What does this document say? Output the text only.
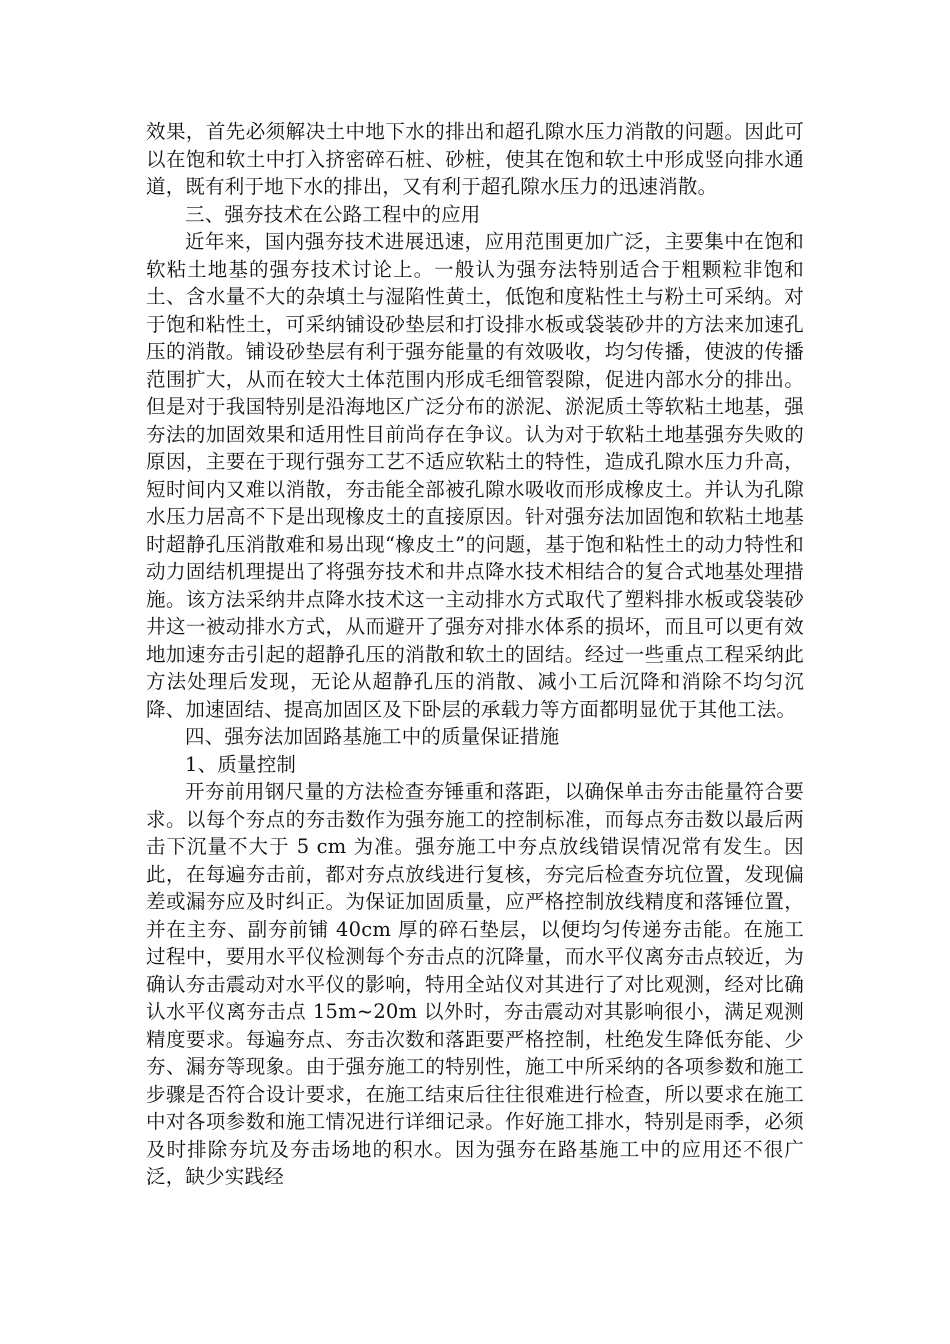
效果，首先必须解决土中地下水的排出和超孔隙水压力消散的问题。因此可以在饱和软土中打入挤密碎石桩、砂桩，使其在饱和软土中形成竖向排水通道，既有利于地下水的排出，又有利于超孔隙水压力的迅速消散。

三、强夯技术在公路工程中的应用

近年来，国内强夯技术进展迅速，应用范围更加广泛，主要集中在饱和软粘土地基的强夯技术讨论上。一般认为强夯法特别适合于粗颗粒非饱和土、含水量不大的杂填土与湿陷性黄土，低饱和度粘性土与粉土可采纳。对于饱和粘性土，可采纳铺设砂垫层和打设排水板或袋装砂井的方法来加速孔压的消散。铺设砂垫层有利于强夯能量的有效吸收，均匀传播，使波的传播范围扩大，从而在较大土体范围内形成毛细管裂隙，促进内部水分的排出。但是对于我国特别是沿海地区广泛分布的淤泥、淤泥质土等软粘土地基，强夯法的加固效果和适用性目前尚存在争议。认为对于软粘土地基强夯失败的原因，主要在于现行强夯工艺不适应软粘土的特性，造成孔隙水压力升高，短时间内又难以消散，夯击能全部被孔隙水吸收而形成橡皮土。并认为孔隙水压力居高不下是出现橡皮土的直接原因。针对强夯法加固饱和软粘土地基时超静孔压消散难和易出现“橡皮土”的问题，基于饱和粘性土的动力特性和动力固结机理提出了将强夯技术和井点降水技术相结合的复合式地基处理措施。该方法采纳井点降水技术这一主动排水方式取代了塑料排水板或袋装砂井这一被动排水方式，从而避开了强夯对排水体系的损坏，而且可以更有效地加速夯击引起的超静孔压的消散和软土的固结。经过一些重点工程采纳此方法处理后发现，无论从超静孔压的消散、减小工后沉降和消除不均匀沉降、加速固结、提高加固区及下卧层的承载力等方面都明显优于其他工法。

四、强夯法加固路基施工中的质量保证措施

1、质量控制

开夯前用钢尺量的方法检查夯锤重和落距，以确保单击夯击能量符合要求。以每个夯点的夯击数作为强夯施工的控制标准，而每点夯击数以最后两击下沉量不大于 5 cm 为准。强夯施工中夯点放线错误情况常有发生。因此，在每遍夯击前，都对夯点放线进行复核，夯完后检查夯坑位置，发现偏差或漏夯应及时纠正。为保证加固质量，应严格控制放线精度和落锤位置，并在主夯、副夯前铺 40cm 厚的碎石垫层，以便均匀传递夯击能。在施工过程中，要用水平仪检测每个夯击点的沉降量，而水平仪离夯击点较近，为确认夯击震动对水平仪的影响，特用全站仪对其进行了对比观测，经对比确认水平仪离夯击点 15m~20m 以外时，夯击震动对其影响很小，满足观测精度要求。每遍夯点、夯击次数和落距要严格控制，杜绝发生降低夯能、少夯、漏夯等现象。由于强夯施工的特别性，施工中所采纳的各项参数和施工步骤是否符合设计要求，在施工结束后往往很难进行检查，所以要求在施工中对各项参数和施工情况进行详细记录。作好施工排水，特别是雨季，必须及时排除夯坑及夯击场地的积水。因为强夯在路基施工中的应用还不很广泛，缺少实践经
